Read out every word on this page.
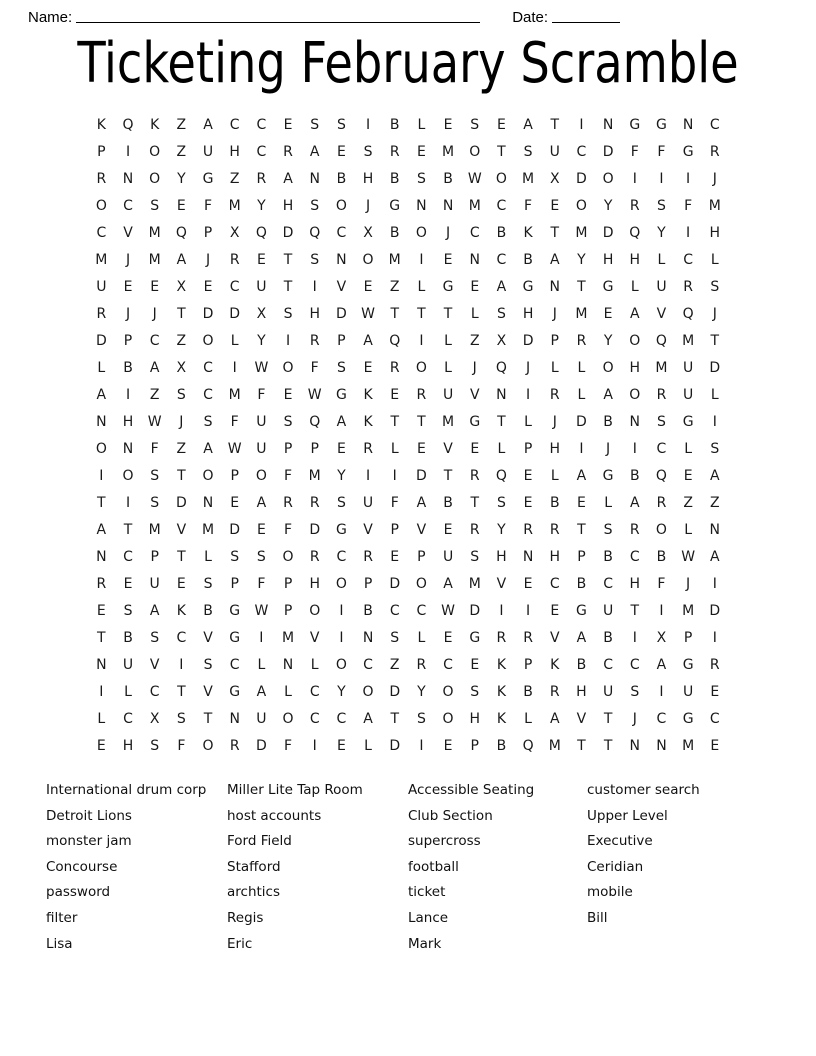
Name:	Date:
Ticketing February Scramble
K	Q	K	Z	A	C	C	E	S	S	I	B	L	E	S	E	A	T	I	N	G	G	N	C
P	I	O	Z	U	H	C	R	A	E	S	R	E	M	O	T	S	U	C	D	F	F	G	R
R	N	O	Y	G	Z	R	A	N	B	H	B	S	B	W	O	M	X	D	O	I	I	I	J
O	C	S	E	F	M	Y	H	S	O	J	G	N	N	M	C	F	E	O	Y	R	S	F	M
C	V	M	Q	P	X	Q	D	Q	C	X	B	O	J	C	B	K	T	M	D	Q	Y	I	H
M	J	M	A	J	R	E	T	S	N	O	M	I	E	N	C	B	A	Y	H	H	L	C	L
U	E	E	X	E	C	U	T	I	V	E	Z	L	G	E	A	G	N	T	G	L	U	R	S
R	J	J	T	D	D	X	S	H	D	W	T	T	T	L	S	H	J	M	E	A	V	Q	J
D	P	C	Z	O	L	Y	I	R	P	A	Q	I	L	Z	X	D	P	R	Y	O	Q	M	T
L	B	A	X	C	I	W	O	F	S	E	R	O	L	J	Q	J	L	L	O	H	M	U	D
A	I	Z	S	C	M	F	E	W	G	K	E	R	U	V	N	I	R	L	A	O	R	U	L
N	H	W	J	S	F	U	S	Q	A	K	T	T	M	G	T	L	J	D	B	N	S	G	I
O	N	F	Z	A	W	U	P	P	E	R	L	E	V	E	L	P	H	I	J	I	C	L	S
I	O	S	T	O	P	O	F	M	Y	I	I	D	T	R	Q	E	L	A	G	B	Q	E	A
T	I	S	D	N	E	A	R	R	S	U	F	A	B	T	S	E	B	E	L	A	R	Z	Z
A	T	M	V	M	D	E	F	D	G	V	P	V	E	R	Y	R	R	T	S	R	O	L	N
N	C	P	T	L	S	S	O	R	C	R	E	P	U	S	H	N	H	P	B	C	B	W	A
R	E	U	E	S	P	F	P	H	O	P	D	O	A	M	V	E	C	B	C	H	F	J	I
E	S	A	K	B	G	W	P	O	I	B	C	C	W	D	I	I	E	G	U	T	I	M	D
T	B	S	C	V	G	I	M	V	I	N	S	L	E	G	R	R	V	A	B	I	X	P	I
N	U	V	I	S	C	L	N	L	O	C	Z	R	C	E	K	P	K	B	C	C	A	G	R
I	L	C	T	V	G	A	L	C	Y	O	D	Y	O	S	K	B	R	H	U	S	I	U	E
L	C	X	S	T	N	U	O	C	C	A	T	S	O	H	K	L	A	V	T	J	C	G	C
E	H	S	F	O	R	D	F	I	E	L	D	I	E	P	B	Q	M	T	T	N	N	M	E
International drum corp
Detroit Lions
monster jam
Concourse
password
filter
Lisa
Miller Lite Tap Room
host accounts
Ford Field
Stafford
archtics
Regis
Eric
Accessible Seating
Club Section
supercross
football
ticket
Lance
Mark
customer search
Upper Level
Executive
Ceridian
mobile
Bill
